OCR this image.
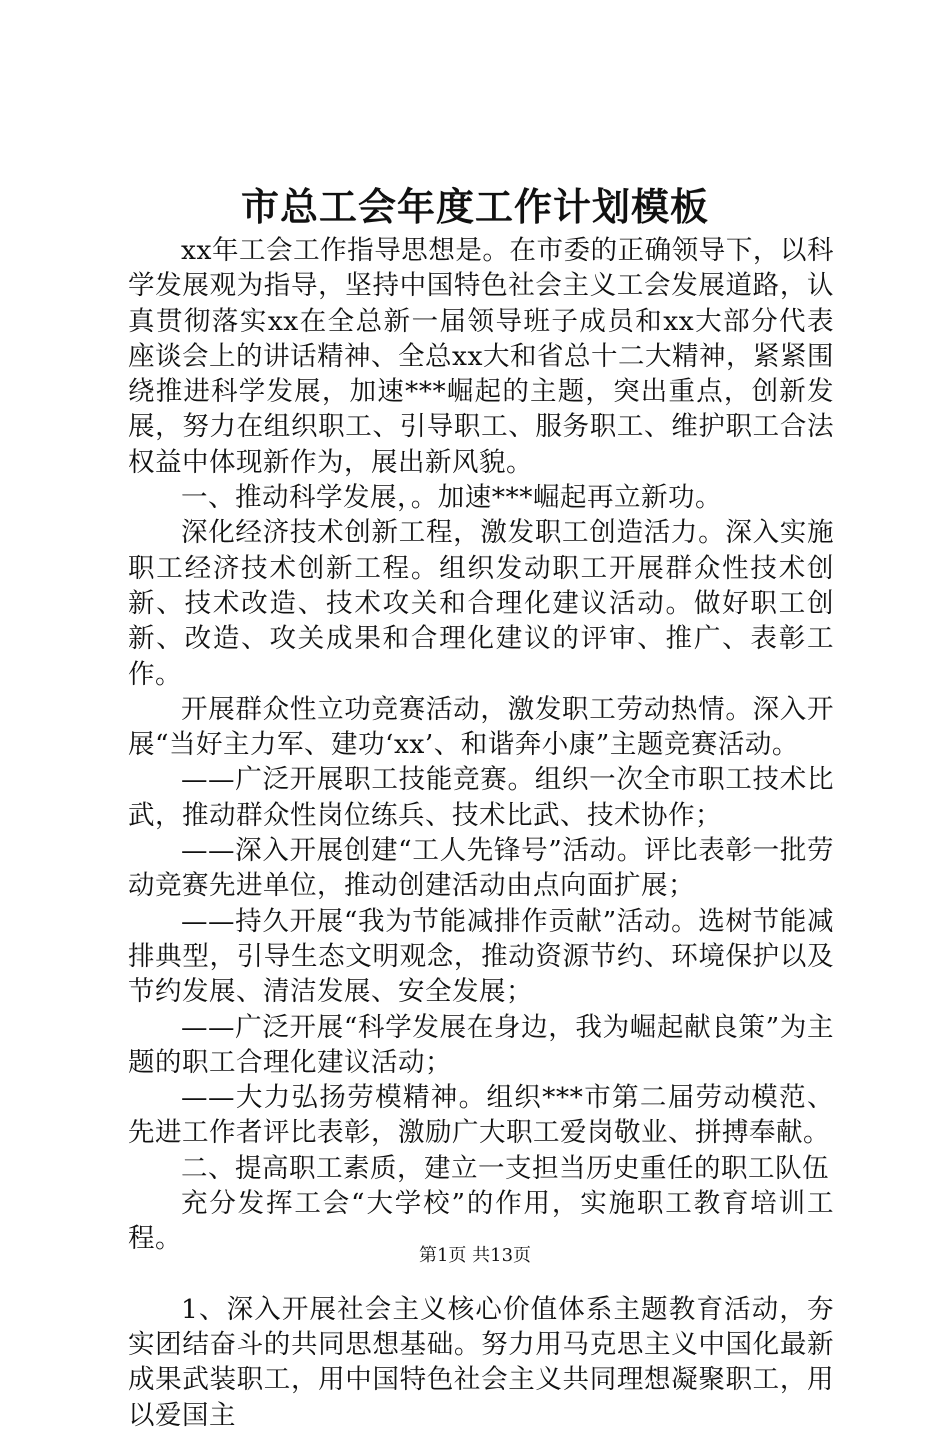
市总工会年度工作计划模板

xx年工会工作指导思想是。在市委的正确领导下，以科学发展观为指导，坚持中国特色社会主义工会发展道路，认真贯彻落实xx在全总新一届领导班子成员和xx大部分代表座谈会上的讲话精神、全总xx大和省总十二大精神，紧紧围绕推进科学发展，加速***崛起的主题，突出重点，创新发展，努力在组织职工、引导职工、服务职工、维护职工合法权益中体现新作为，展出新风貌。

一、推动科学发展，。加速***崛起再立新功。

深化经济技术创新工程，激发职工创造活力。深入实施职工经济技术创新工程。组织发动职工开展群众性技术创新、技术改造、技术攻关和合理化建议活动。做好职工创新、改造、攻关成果和合理化建议的评审、推广、表彰工作。

开展群众性立功竞赛活动，激发职工劳动热情。深入开展“当好主力军、建功‘xx’、和谐奔小康”主题竞赛活动。

——广泛开展职工技能竞赛。组织一次全市职工技术比武，推动群众性岗位练兵、技术比武、技术协作；

——深入开展创建“工人先锋号”活动。评比表彰一批劳动竞赛先进单位，推动创建活动由点向面扩展；

——持久开展“我为节能减排作贡献”活动。选树节能减排典型，引导生态文明观念，推动资源节约、环境保护以及节约发展、清洁发展、安全发展；

——广泛开展“科学发展在身边，我为崛起献良策”为主题的职工合理化建议活动；

——大力弘扬劳模精神。组织***市第二届劳动模范、先进工作者评比表彰，激励广大职工爱岗敬业、拼搏奉献。

二、提高职工素质，建立一支担当历史重任的职工队伍

充分发挥工会“大学校”的作用，实施职工教育培训工程。

1、深入开展社会主义核心价值体系主题教育活动，夯实团结奋斗的共同思想基础。努力用马克思主义中国化最新成果武装职工，用中国特色社会主义共同理想凝聚职工，用以爱国主

第1页 共13页
